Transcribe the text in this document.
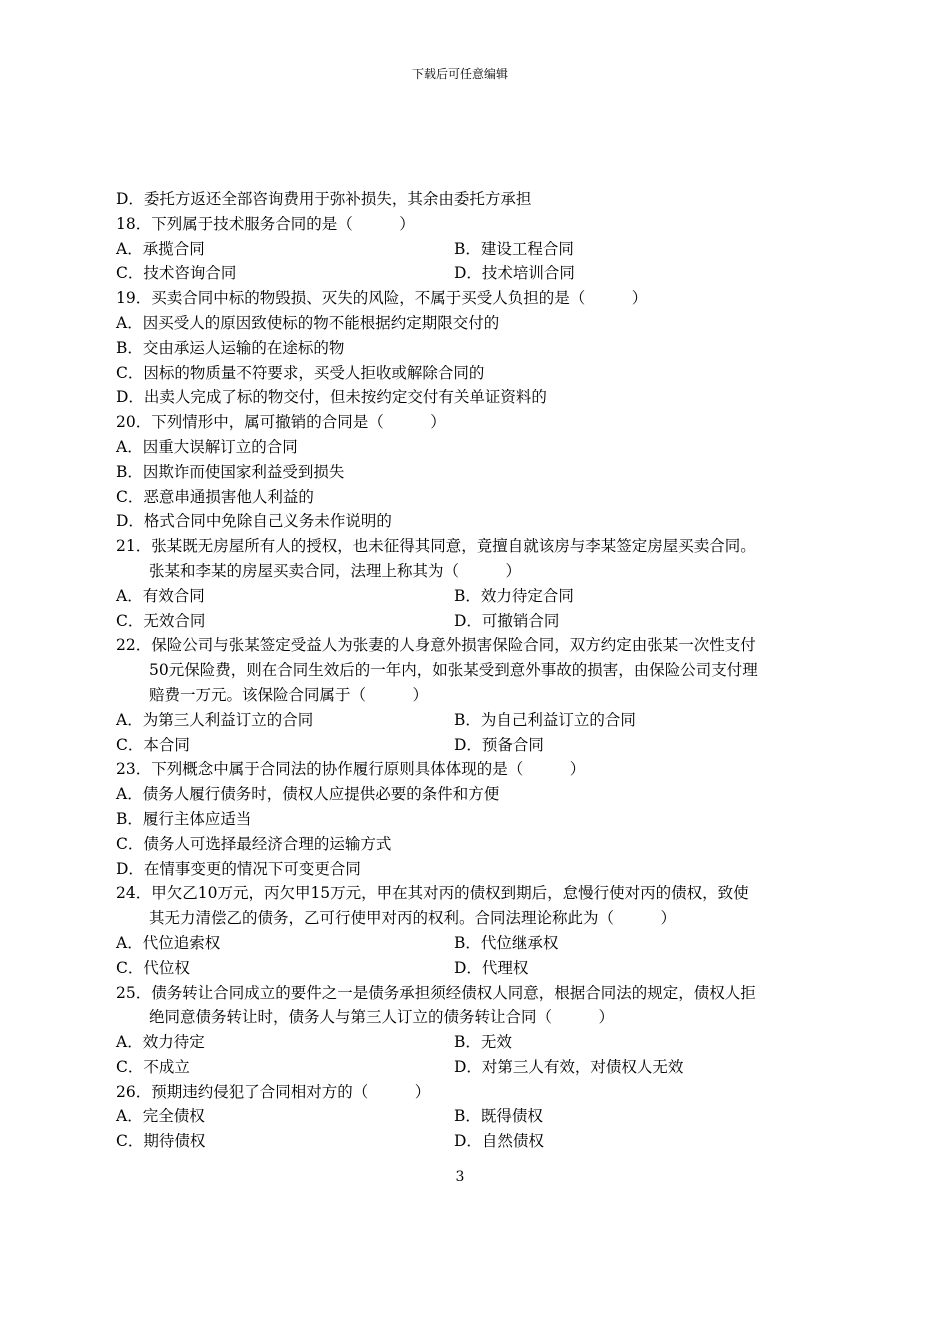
下载后可任意编辑
D．委托方返还全部咨询费用于弥补损失，其余由委托方承担
18．下列属于技术服务合同的是（　　　）
A．承揽合同	B．建设工程合同
C．技术咨询合同	D．技术培训合同
19．买卖合同中标的物毁损、灭失的风险，不属于买受人负担的是（　　　）
A．因买受人的原因致使标的物不能根据约定期限交付的
B．交由承运人运输的在途标的物
C．因标的物质量不符要求，买受人拒收或解除合同的
D．出卖人完成了标的物交付，但未按约定交付有关单证资料的
20．下列情形中，属可撤销的合同是（　　　）
A．因重大误解订立的合同
B．因欺诈而使国家利益受到损失
C．恶意串通损害他人利益的
D．格式合同中免除自己义务未作说明的
21．张某既无房屋所有人的授权，也未征得其同意，竟擅自就该房与李某签定房屋买卖合同。
张某和李某的房屋买卖合同，法理上称其为（　　　）
A．有效合同	B．效力待定合同
C．无效合同	D．可撤销合同
22．保险公司与张某签定受益人为张妻的人身意外损害保险合同，双方约定由张某一次性支付
50元保险费，则在合同生效后的一年内，如张某受到意外事故的损害，由保险公司支付理
赔费一万元。该保险合同属于（　　　）
A．为第三人利益订立的合同	B．为自己利益订立的合同
C．本合同	D．预备合同
23．下列概念中属于合同法的协作履行原则具体体现的是（　　　）
A．债务人履行债务时，债权人应提供必要的条件和方便
B．履行主体应适当
C．债务人可选择最经济合理的运输方式
D．在情事变更的情况下可变更合同
24．甲欠乙10万元，丙欠甲15万元，甲在其对丙的债权到期后，怠慢行使对丙的债权，致使
其无力清偿乙的债务，乙可行使甲对丙的权利。合同法理论称此为（　　　）
A．代位追索权	B．代位继承权
C．代位权	D．代理权
25．债务转让合同成立的要件之一是债务承担须经债权人同意，根据合同法的规定，债权人拒
绝同意债务转让时，债务人与第三人订立的债务转让合同（　　　）
A．效力待定	B．无效
C．不成立	D．对第三人有效，对债权人无效
26．预期违约侵犯了合同相对方的（　　　）
A．完全债权	B．既得债权
C．期待债权	D．自然债权
3
